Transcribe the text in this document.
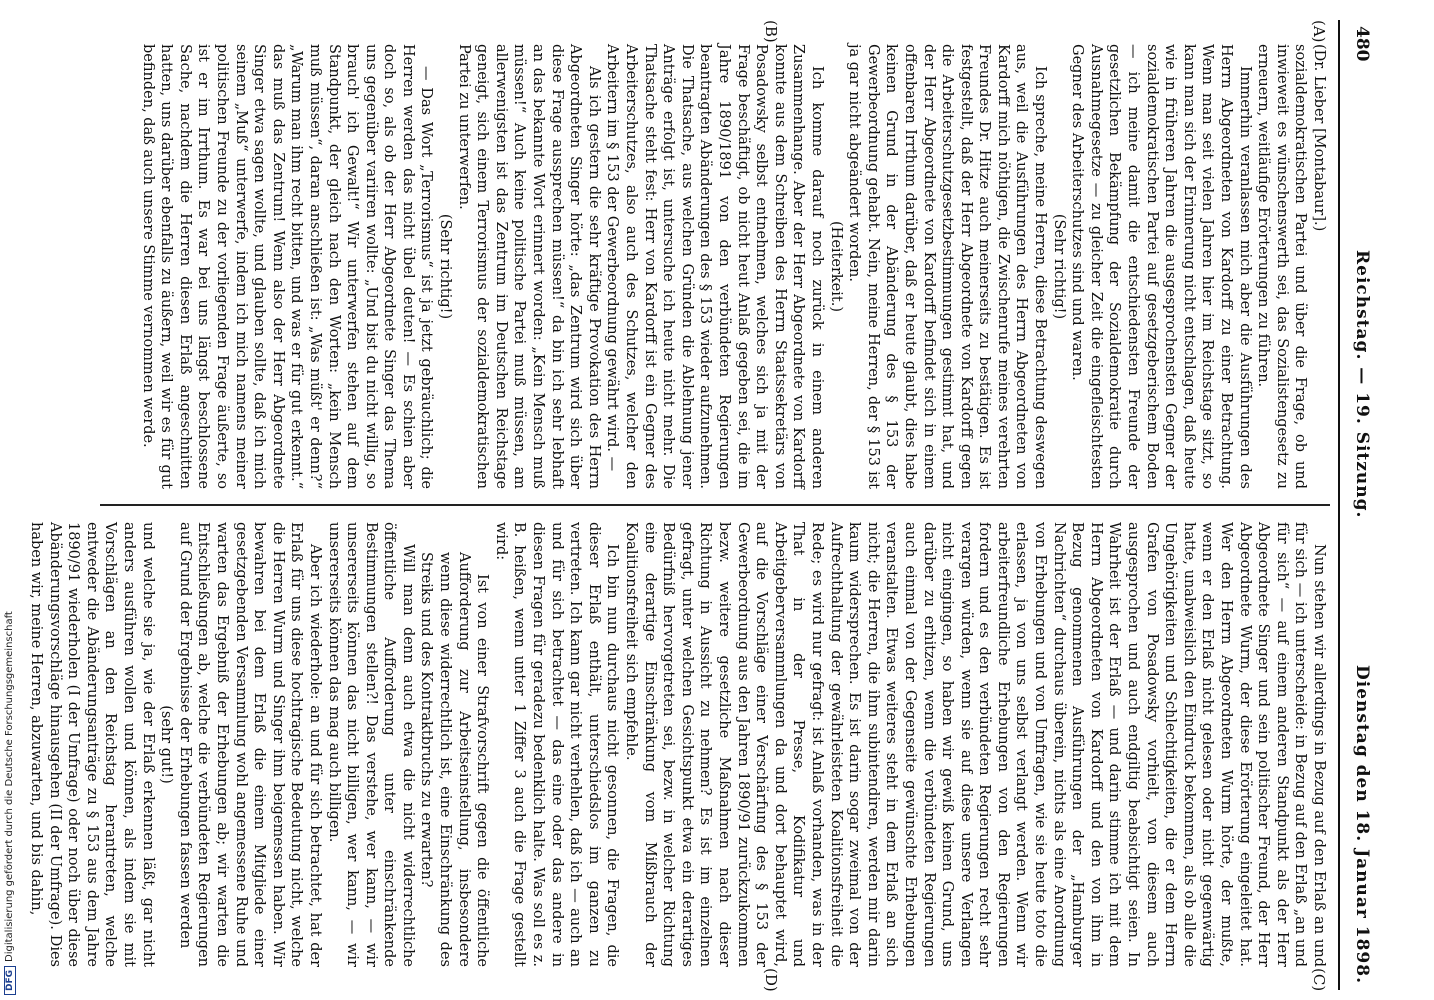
480
Reichstag. — 19. Sitzung.
Dienstag den 18. Januar 1898.
(A)
(B)
(C)
(D)

(Dr. Lieber [Montabaur].)

sozialdemokratischen Partei und über die Frage, ob und inwieweit es wünschenswerth sei, das Sozialistengesetz zu erneuern, weitläufige Erörterungen zu führen.

Immerhin veranlassen mich aber die Ausführungen des Herrn Abgeordneten von Kardorff zu einer Betrachtung. Wenn man seit vielen Jahren hier im Reichstage sitzt, so kann man sich der Erinnerung nicht entschlagen, daß heute wie in früheren Jahren die ausgesprochensten Gegner der sozialdemokratischen Partei auf gesetzgeberischem Boden — ich meine damit die entschiedensten Freunde der gesetzlichen Bekämpfung der Sozialdemokratie durch Ausnahmegesetze — zu gleicher Zeit die eingefleischtesten Gegner des Arbeiterschutzes sind und waren.

(Sehr richtig!)

Ich spreche, meine Herren, diese Betrachtung deswegen aus, weil die Ausführungen des Herrn Abgeordneten von Kardorff mich nöthigen, die Zwischenrufe meines verehrten Freundes Dr. Hitze auch meinerseits zu bestätigen. Es ist festgestellt, daß der Herr Abgeordnete von Kardorff gegen die Arbeiterschutzgesetzbestimmungen gestimmt hat, und der Herr Abgeordnete von Kardorff befindet sich in einem offenbaren Irrthum darüber, daß er heute glaubt, dies habe keinen Grund in der Abänderung des § 153 der Gewerbeordnung gehabt. Nein, meine Herren, der § 153 ist ja gar nicht abgeändert worden.

(Heiterkeit.)

Ich komme darauf noch zurück in einem anderen Zusammenhange. Aber der Herr Abgeordnete von Kardorff konnte aus dem Schreiben des Herrn Staatssekretärs von Posadowsky selbst entnehmen, welches sich ja mit der Frage beschäftigt, ob nicht heut Anlaß gegeben sei, die im Jahre 1890/1891 von den verbündeten Regierungen beantragten Abänderungen des § 153 wieder aufzunehmen. Die Thatsache, aus welchen Gründen die Ablehnung jener Anträge erfolgt ist, untersuche ich heute nicht mehr. Die Thatsache steht fest: Herr von Kardorff ist ein Gegner des Arbeiterschutzes, also auch des Schutzes, welcher den Arbeitern im § 153 der Gewerbeordnung gewährt wird. —

Als ich gestern die sehr kräftige Provokation des Herrn Abgeordneten Singer hörte: „das Zentrum wird sich über diese Frage aussprechen müssen!“ da bin ich sehr lebhaft an das bekannte Wort erinnert worden: „Kein Mensch muß müssen!“ Auch keine politische Partei muß müssen, am allerwenigsten ist das Zentrum im Deutschen Reichstage geneigt, sich einem Terrorismus der sozialdemokratischen Partei zu unterwerfen.

(Sehr richtig!)

— Das Wort „Terrorismus“ ist ja jetzt gebräuchlich; die Herren werden das nicht übel deuten! — Es schien aber doch so, als ob der Herr Abgeordnete Singer das Thema uns gegenüber variiren wollte: „Und bist du nicht willig, so brauch' ich Gewalt!“ Wir unterwerfen stehen auf dem Standpunkt, der gleich nach den Worten: „kein Mensch muß müssen“, daran anschließen ist: „Was müßt' er denn?“ „Warum man ihm recht bitten, und was er für gut erkennt.“ das muß das Zentrum! Wenn also der Herr Abgeordnete Singer etwa sagen wollte, und glauben sollte, daß ich mich seinem „Muß“ unterwerfe, indem ich mich namens meiner politischen Freunde zu der vorliegenden Frage äußerte, so ist er im Irrthum. Es war bei uns längst beschlossene Sache, nachdem die Herren diesen Erlaß angeschnitten hatten, uns darüber ebenfalls zu äußern, weil wir es für gut befinden, daß auch unsere Stimme vernommen werde.

Nun stehen wir allerdings in Bezug auf den Erlaß an und für sich — ich unterscheide: in Bezug auf den Erlaß „an und für sich“ — auf einem anderen Standpunkt als der Herr Abgeordnete Singer und sein politischer Freund, der Herr Abgeordnete Wurm, der diese Erörterung eingeleitet hat. Wer den Herrn Abgeordneten Wurm hörte, der mußte, wenn er den Erlaß nicht gelesen oder nicht gegenwärtig hatte, unabweislich den Eindruck bekommen, als ob alle die Ungehörigkeiten und Schlechtigkeiten, die er dem Herrn Grafen von Posadowsky vorhielt, von diesem auch ausgesprochen und auch endgiltig beabsichtigt seien. In Wahrheit ist der Erlaß — und darin stimme ich mit dem Herrn Abgeordneten von Kardorff und den von ihm in Bezug genommenen Ausführungen der „Hamburger Nachrichten“ durchaus überein, nichts als eine Anordnung von Erhebungen und von Umfragen, wie sie heute toto die erlassen, ja von uns selbst verlangt werden. Wenn wir arbeiterfreundliche Erhebungen von den Regierungen fordern und es den verbündeten Regierungen recht sehr verargen würden, wenn sie auf diese unsere Verlangen nicht eingingen, so haben wir gewiß keinen Grund, uns darüber zu erhitzen, wenn die verbündeten Regierungen auch einmal von der Gegenseite gewünschte Erhebungen veranstalten. Etwas weiteres steht in dem Erlaß an sich nicht; die Herren, die ihm subintendiren, werden mir darin kaum widersprechen. Es ist darin sogar zweimal von der Aufrechthaltung der gewährleisteten Koalitionsfreiheit die Rede; es wird nur gefragt: ist Anlaß vorhanden, was in der That in der Presse, Kodifikatur und Arbeitgeberversammlungen da und dort behauptet wird, auf die Vorschläge einer Verschärfung des § 153 der Gewerbeordnung aus den Jahren 1890/91 zurückzukommen bezw. weitere gesetzliche Maßnahmen nach dieser Richtung in Aussicht zu nehmen? Es ist im einzelnen gefragt, unter welchen Gesichtspunkt etwa ein derartiges Bedürfniß hervorgetreten sei, bezw. in welcher Richtung eine derartige Einschränkung vom Mißbrauch der Koalitionsfreiheit sich empfehle.

Ich bin nun durchaus nicht gesonnen, die Fragen, die dieser Erlaß enthält, unterschiedslos im ganzen zu vertreten. Ich kann gar nicht verhehlen, daß ich — auch an und für sich betrachtet — das eine oder das andere in diesen Fragen für geradezu bedenklich halte. Was soll es z. B. heißen, wenn unter 1 Ziffer 3 auch die Frage gestellt wird:

Ist von einer Strafvorschrift gegen die öffentliche Aufforderung zur Arbeitseinstellung, insbesondere wenn diese widerrechtlich ist, eine Einschränkung des Streiks und des Kontraktbruchs zu erwarten?

Will man denn auch etwa die nicht widerrechtliche öffentliche Aufforderung unter einschränkende Bestimmungen stellen?! Das verstehe, wer kann, — wir unsererseits können das nicht billigen, wer kann, — wir unsererseits können das mag auch billigen.

Aber ich wiederhole: an und für sich betrachtet, hat der Erlaß für uns diese hochtragische Bedeutung nicht, welche die Herren Wurm und Singer ihm beigemessen haben. Wir bewahren bei dem Erlaß die einem Mitgliede einer gesetzgebenden Versammlung wohl angemessene Ruhe und warten das Ergebniß der Erhebungen ab; wir warten die Entschließungen ab, welche die verbündeten Regierungen auf Grund der Ergebnisse der Erhebungen fassen werden

(sehr gut!)

und welche sie ja, wie der Erlaß erkennen läßt, gar nicht anders ausführen wollen und können, als indem sie mit Vorschlägen an den Reichstag herantreten, welche entweder die Abänderungsanträge zu § 153 aus dem Jahre 1890/91 wiederholen (I der Umfrage) oder noch über diese Abänderungsvorschläge hinausgehen (II der Umfrage). Dies haben wir, meine Herren, abzuwarten, und bis dahin,

DFGDigitalisierung gefördert durch die Deutsche Forschungsgemeinschaft
